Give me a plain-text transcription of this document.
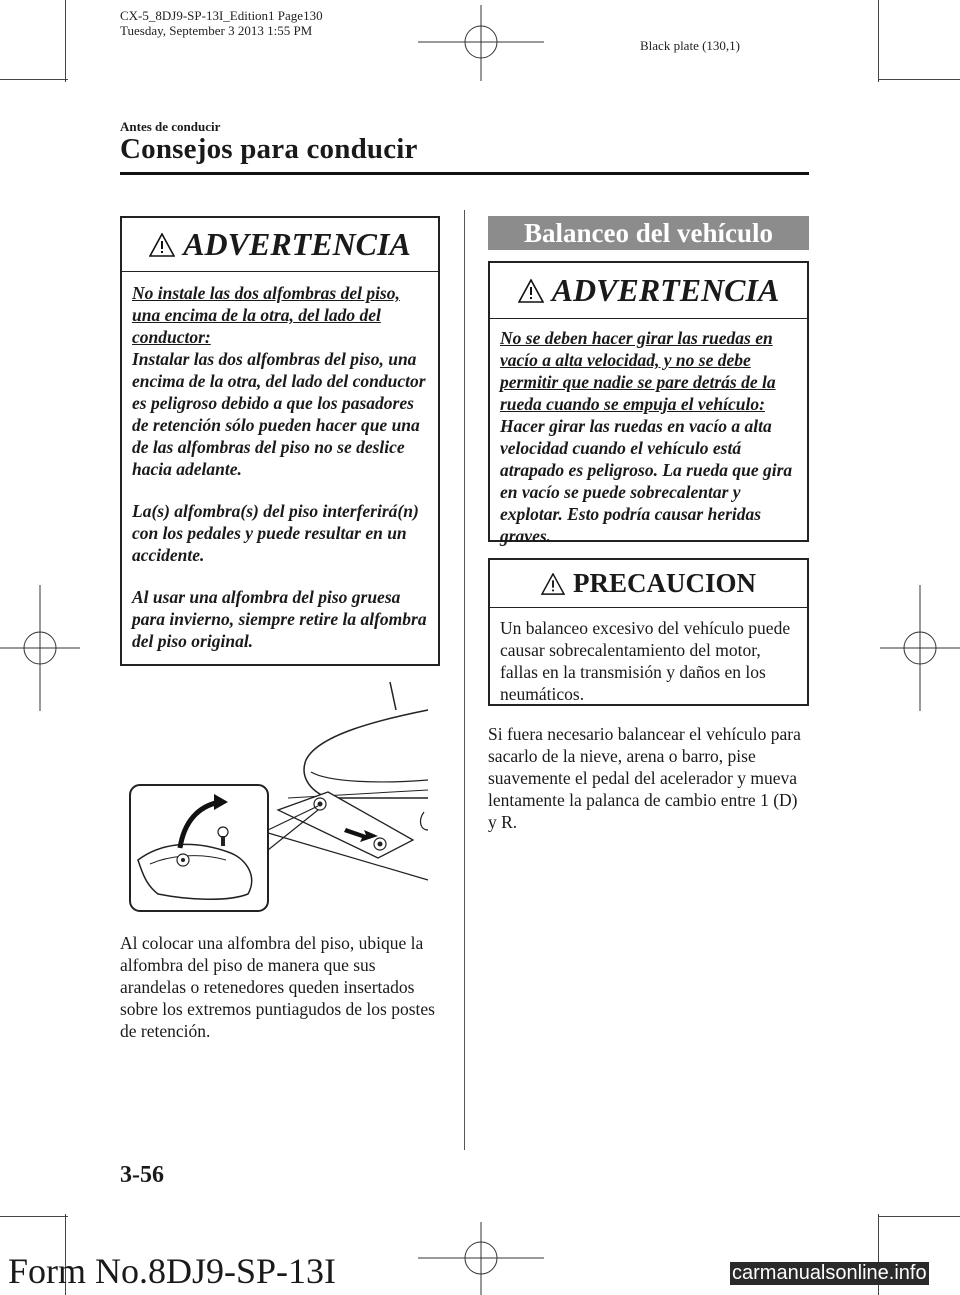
CX-5_8DJ9-SP-13I_Edition1 Page130
Tuesday, September 3 2013 1:55 PM
Black plate (130,1)
Antes de conducir
Consejos para conducir
ADVERTENCIA
No instale las dos alfombras del piso, una encima de la otra, del lado del conductor:

Instalar las dos alfombras del piso, una encima de la otra, del lado del conductor es peligroso debido a que los pasadores de retención sólo pueden hacer que una de las alfombras del piso no se deslice hacia adelante.

La(s) alfombra(s) del piso interferirá(n) con los pedales y puede resultar en un accidente.

Al usar una alfombra del piso gruesa para invierno, siempre retire la alfombra del piso original.

Al colocar una alfombra del piso, ubique la alfombra del piso de manera que sus arandelas o retenedores queden insertados sobre los extremos puntiagudos de los postes de retención.
Balanceo del vehículo
ADVERTENCIA
No se deben hacer girar las ruedas en vacío a alta velocidad, y no se debe permitir que nadie se pare detrás de la rueda cuando se empuja el vehículo:
Hacer girar las ruedas en vacío a alta velocidad cuando el vehículo está atrapado es peligroso. La rueda que gira en vacío se puede sobrecalentar y explotar. Esto podría causar heridas graves.
PRECAUCION
Un balanceo excesivo del vehículo puede causar sobrecalentamiento del motor, fallas en la transmisión y daños en los neumáticos.
Si fuera necesario balancear el vehículo para sacarlo de la nieve, arena o barro, pise suavemente el pedal del acelerador y mueva lentamente la palanca de cambio entre 1 (D) y R.
3-56
Form No.8DJ9-SP-13I	carmanualsonline.info
